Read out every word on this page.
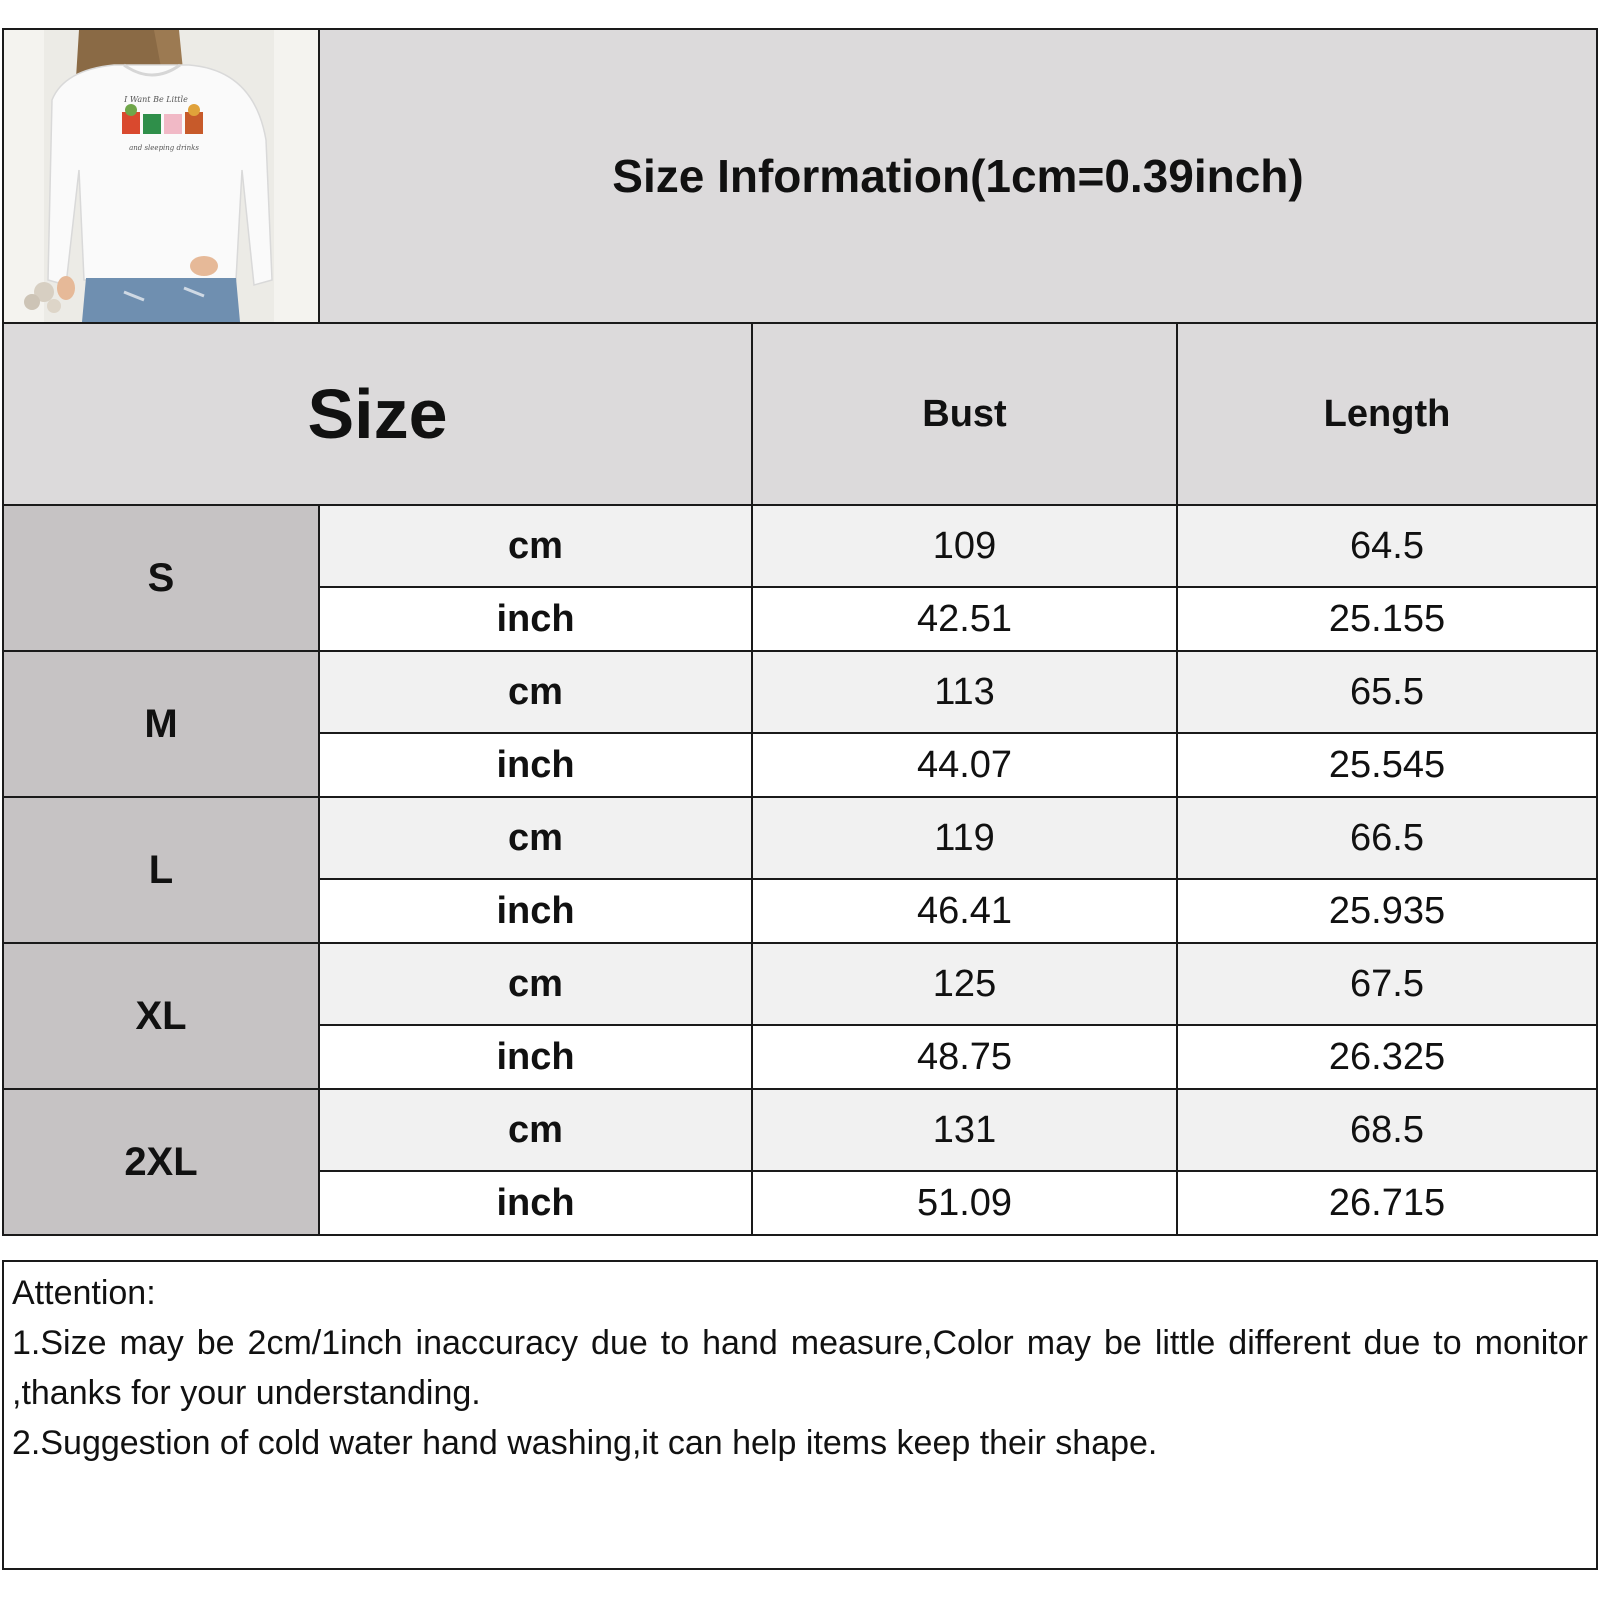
I Want Be Little
and sleeping drinks
Size Information(1cm=0.39inch)
Size	Bust	Length
S
cm	109	64.5
inch	42.51	25.155
M
cm	113	65.5
inch	44.07	25.545
L
cm	119	66.5
inch	46.41	25.935
XL
cm	125	67.5
inch	48.75	26.325
2XL
cm	131	68.5
inch	51.09	26.715
Attention:
1.Size may be 2cm/1inch inaccuracy due to hand measure,Color may be little different due to monitor ,thanks for your understanding.
2.Suggestion of cold water hand washing,it can help items keep their shape.
